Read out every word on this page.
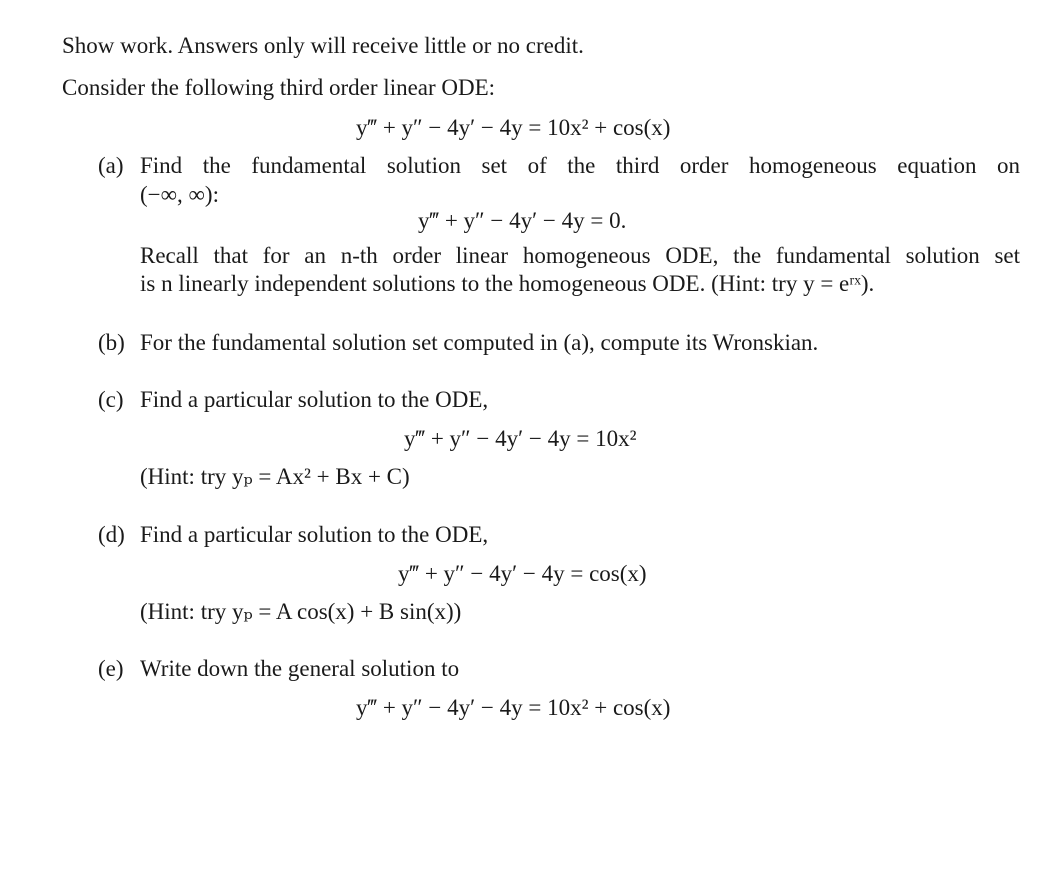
Show work. Answers only will receive little or no credit.
Consider the following third order linear ODE:
y‴ + y″ − 4y′ − 4y = 10x² + cos(x)
(a) Find the fundamental solution set of the third order homogeneous equation on
(−∞, ∞):
y‴ + y″ − 4y′ − 4y = 0.
Recall that for an n-th order linear homogeneous ODE, the fundamental solution set
is n linearly independent solutions to the homogeneous ODE. (Hint: try y = eʳˣ).
(b) For the fundamental solution set computed in (a), compute its Wronskian.
(c) Find a particular solution to the ODE,
y‴ + y″ − 4y′ − 4y = 10x²
(Hint: try yₚ = Ax² + Bx + C)
(d) Find a particular solution to the ODE,
y‴ + y″ − 4y′ − 4y = cos(x)
(Hint: try yₚ = A cos(x) + B sin(x))
(e) Write down the general solution to
y‴ + y″ − 4y′ − 4y = 10x² + cos(x)
